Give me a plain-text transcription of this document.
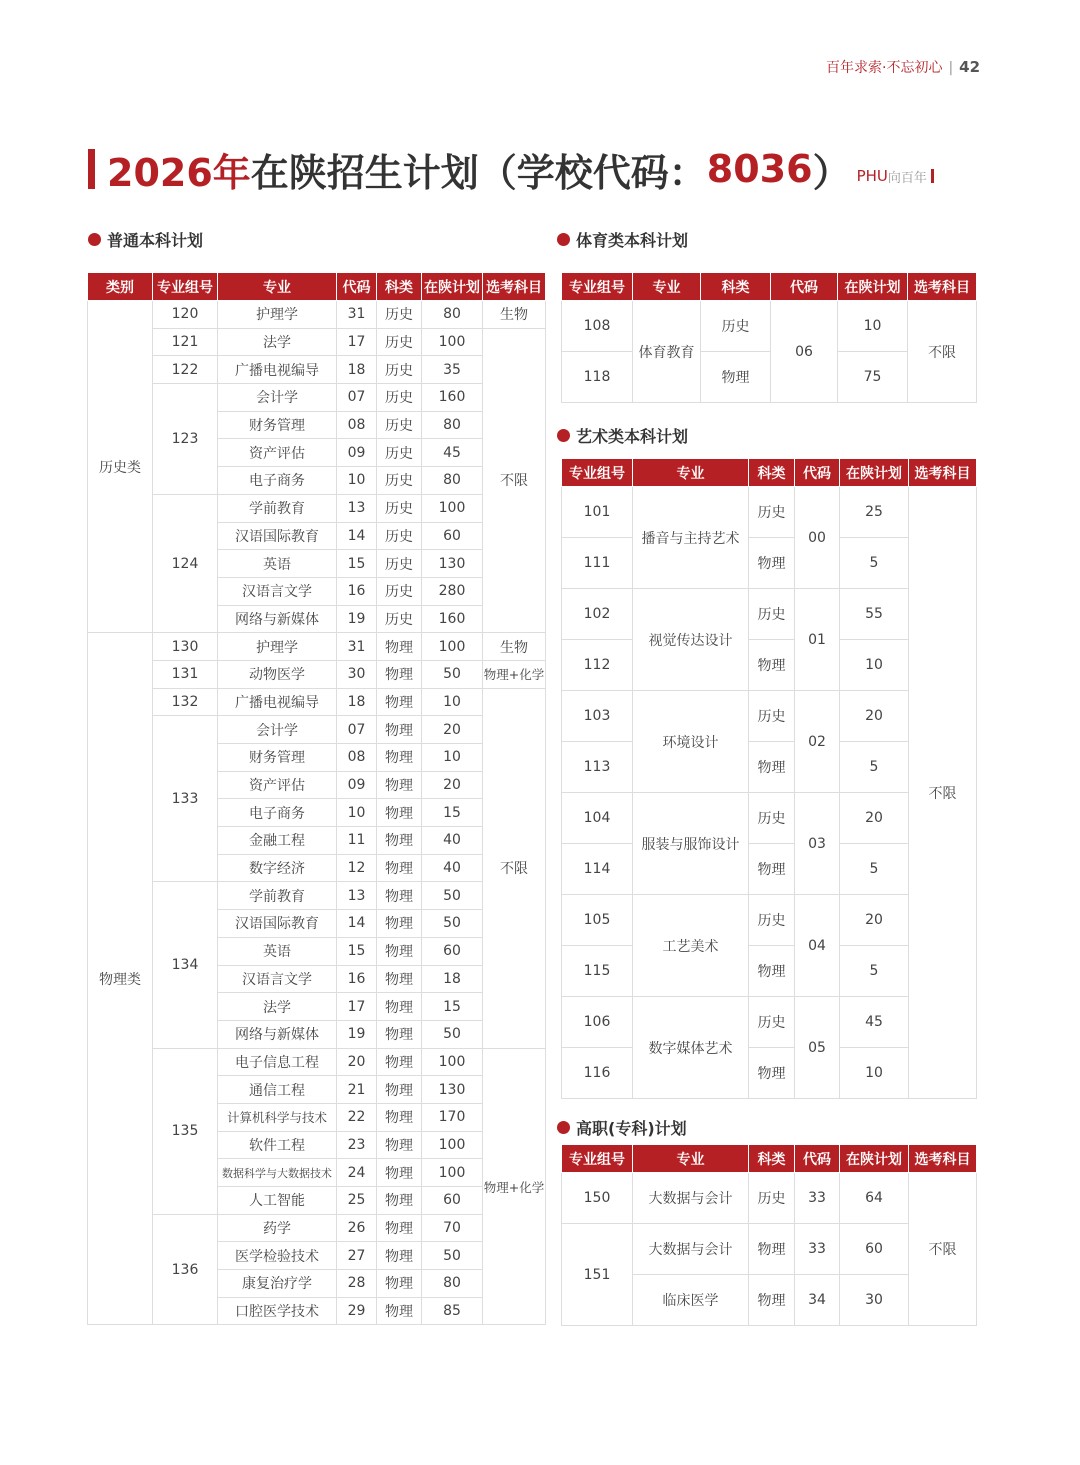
百年求索·不忘初心 | 42
2026年 在陕招生计划 （学校代码： 8036 ） PHU 向百年
普通本科计划	体育类本科计划
艺术类本科计划
高职(专科)计划
类别	专业组号	专业	代码	科类	在陕计划	选考科目
历史类	120	护理学	31	历史	80	生物
	121	法学	17	历史	100	不限
	122	广播电视编导	18	历史	35	
	123	会计学	07	历史	160	
		财务管理	08	历史	80	
		资产评估	09	历史	45	
		电子商务	10	历史	80	
	124	学前教育	13	历史	100	
		汉语国际教育	14	历史	60	
		英语	15	历史	130	
		汉语言文学	16	历史	280	
		网络与新媒体	19	历史	160	
物理类	130	护理学	31	物理	100	生物
	131	动物医学	30	物理	50	物理+化学
	132	广播电视编导	18	物理	10	不限
	133	会计学	07	物理	20	
		财务管理	08	物理	10	
		资产评估	09	物理	20	
		电子商务	10	物理	15	
		金融工程	11	物理	40	
		数字经济	12	物理	40	
	134	学前教育	13	物理	50	
		汉语国际教育	14	物理	50	
		英语	15	物理	60	
		汉语言文学	16	物理	18	
		法学	17	物理	15	
		网络与新媒体	19	物理	50	
	135	电子信息工程	20	物理	100	物理+化学
		通信工程	21	物理	130	
		计算机科学与技术	22	物理	170	
		软件工程	23	物理	100	
		数据科学与大数据技术	24	物理	100	
		人工智能	25	物理	60	
	136	药学	26	物理	70	
		医学检验技术	27	物理	50	
		康复治疗学	28	物理	80	
		口腔医学技术	29	物理	85	
专业组号	专业	科类	代码	在陕计划	选考科目
108	体育教育	历史	06	10	不限
118		物理		75	
专业组号	专业	科类	代码	在陕计划	选考科目
101	播音与主持艺术	历史	00	25	不限
111		物理		5	
102	视觉传达设计	历史	01	55	
112		物理		10	
103	环境设计	历史	02	20	
113		物理		5	
104	服装与服饰设计	历史	03	20	
114		物理		5	
105	工艺美术	历史	04	20	
115		物理		5	
106	数字媒体艺术	历史	05	45	
116		物理		10	
专业组号	专业	科类	代码	在陕计划	选考科目
150	大数据与会计	历史	33	64	不限
151	大数据与会计	物理	33	60	
	临床医学	物理	34	30	
